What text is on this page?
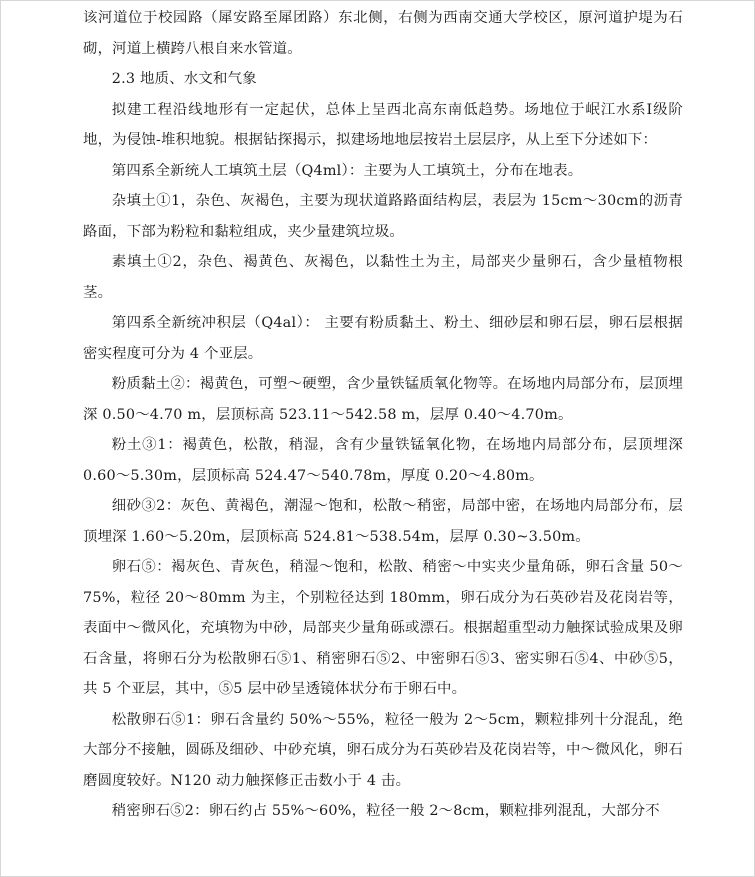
该河道位于校园路（犀安路至犀团路）东北侧，右侧为西南交通大学校区，原河道护堤为石砌，河道上横跨八根自来水管道。

2.3 地质、水文和气象

拟建工程沿线地形有一定起伏，总体上呈西北高东南低趋势。场地位于岷江水系Ⅰ级阶地，为侵蚀-堆积地貌。根据钻探揭示，拟建场地地层按岩土层层序，从上至下分述如下：

第四系全新统人工填筑土层（Q4ml）：主要为人工填筑土，分布在地表。

杂填土①1，杂色、灰褐色，主要为现状道路路面结构层，表层为 15cm～30cm的沥青路面，下部为粉粒和黏粒组成，夹少量建筑垃圾。

素填土①2，杂色、褐黄色、灰褐色，以黏性土为主，局部夹少量卵石，含少量植物根茎。

第四系全新统冲积层（Q4al）： 主要有粉质黏土、粉土、细砂层和卵石层，卵石层根据密实程度可分为 4 个亚层。

粉质黏土②：褐黄色，可塑～硬塑，含少量铁锰质氧化物等。在场地内局部分布，层顶埋深 0.50～4.70 m，层顶标高 523.11～542.58 m，层厚 0.40～4.70m。

粉土③1：褐黄色，松散，稍湿，含有少量铁锰氧化物，在场地内局部分布，层顶埋深 0.60～5.30m，层顶标高 524.47～540.78m，厚度 0.20～4.80m。

细砂③2：灰色、黄褐色，潮湿～饱和，松散～稍密，局部中密，在场地内局部分布，层顶埋深 1.60～5.20m，层顶标高 524.81～538.54m，层厚 0.30~3.50m。

卵石⑤：褐灰色、青灰色，稍湿～饱和，松散、稍密～中实夹少量角砾，卵石含量 50～75%，粒径 20～80mm 为主，个别粒径达到 180mm，卵石成分为石英砂岩及花岗岩等，表面中～微风化，充填物为中砂，局部夹少量角砾或漂石。根据超重型动力触探试验成果及卵石含量，将卵石分为松散卵石⑤1、稍密卵石⑤2、中密卵石⑤3、密实卵石⑤4、中砂⑤5，共 5 个亚层，其中，⑤5 层中砂呈透镜体状分布于卵石中。

松散卵石⑤1：卵石含量约 50%～55%，粒径一般为 2～5cm，颗粒排列十分混乱，绝大部分不接触，圆砾及细砂、中砂充填，卵石成分为石英砂岩及花岗岩等，中～微风化，卵石磨圆度较好。N120 动力触探修正击数小于 4 击。

稍密卵石⑤2：卵石约占 55%～60%，粒径一般 2～8cm，颗粒排列混乱，大部分不
